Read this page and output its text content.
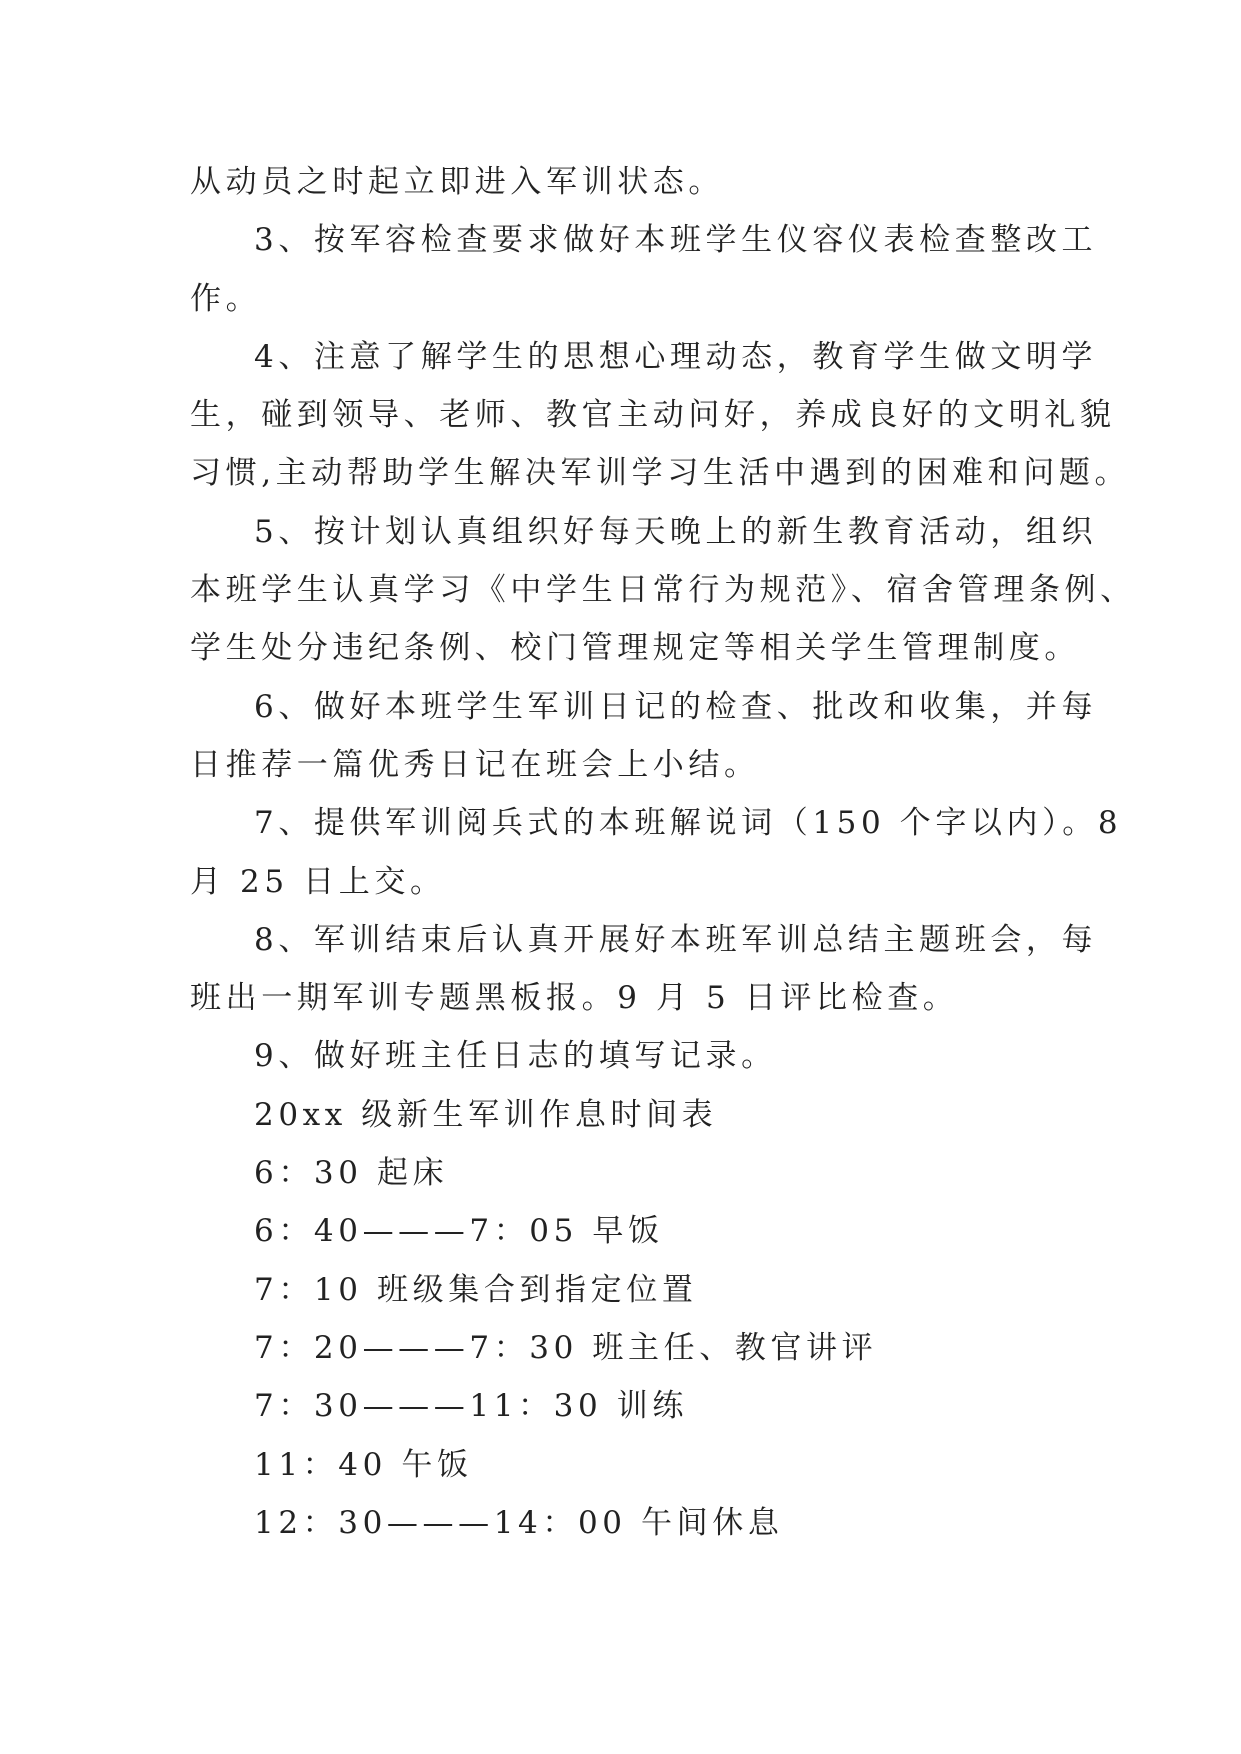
从动员之时起立即进入军训状态。
3、按军容检查要求做好本班学生仪容仪表检查整改工
作。
4、注意了解学生的思想心理动态，教育学生做文明学
生，碰到领导、老师、教官主动问好，养成良好的文明礼貌
习惯,主动帮助学生解决军训学习生活中遇到的困难和问题。
5、按计划认真组织好每天晚上的新生教育活动，组织
本班学生认真学习《中学生日常行为规范》、宿舍管理条例、
学生处分违纪条例、校门管理规定等相关学生管理制度。
6、做好本班学生军训日记的检查、批改和收集，并每
日推荐一篇优秀日记在班会上小结。
7、提供军训阅兵式的本班解说词（150 个字以内）。8
月 25 日上交。
8、军训结束后认真开展好本班军训总结主题班会，每
班出一期军训专题黑板报。9 月 5 日评比检查。
9、做好班主任日志的填写记录。
20xx 级新生军训作息时间表
6：30 起床
6：40———7：05 早饭
7：10 班级集合到指定位置
7：20———7：30 班主任、教官讲评
7：30———11：30 训练
11：40 午饭
12：30———14：00 午间休息
